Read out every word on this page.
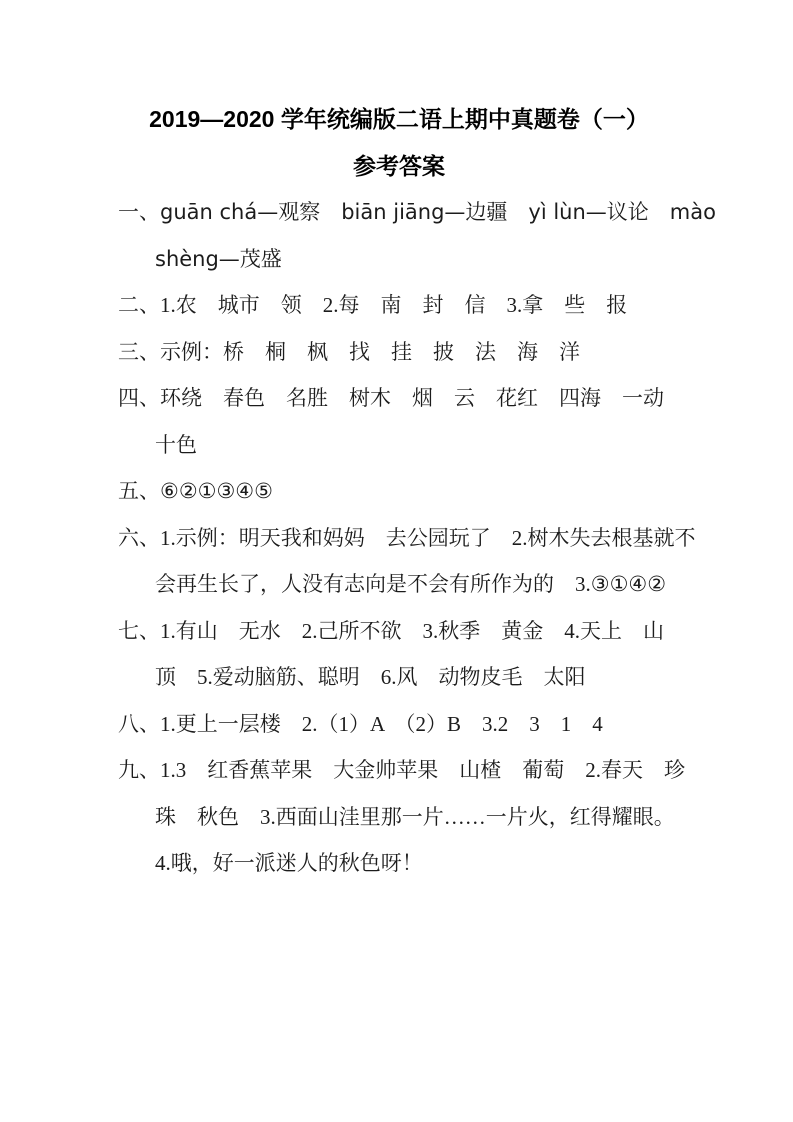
2019—2020 学年统编版二语上期中真题卷（一）
参考答案
一、guān chá—观察　biān jiāng—边疆　yì lùn—议论　mào
shèng—茂盛
二、1.农　城市　领　2.每　南　封　信　3.拿　些　报
三、示例：桥　桐　枫　找　挂　披　法　海　洋
四、环绕　春色　名胜　树木　烟　云　花红　四海　一动
十色
五、⑥②①③④⑤
六、1.示例：明天我和妈妈　去公园玩了　2.树木失去根基就不
会再生长了，人没有志向是不会有所作为的　3.③①④②
七、1.有山　无水　2.己所不欲　3.秋季　黄金　4.天上　山
顶　5.爱动脑筋、聪明　6.风　动物皮毛　太阳
八、1.更上一层楼　2.（1）A　（2）B　3.2　3　1　4
九、1.3　红香蕉苹果　大金帅苹果　山楂　葡萄　2.春天　珍
珠　秋色　3.西面山洼里那一片……一片火，红得耀眼。
4.哦，好一派迷人的秋色呀！
